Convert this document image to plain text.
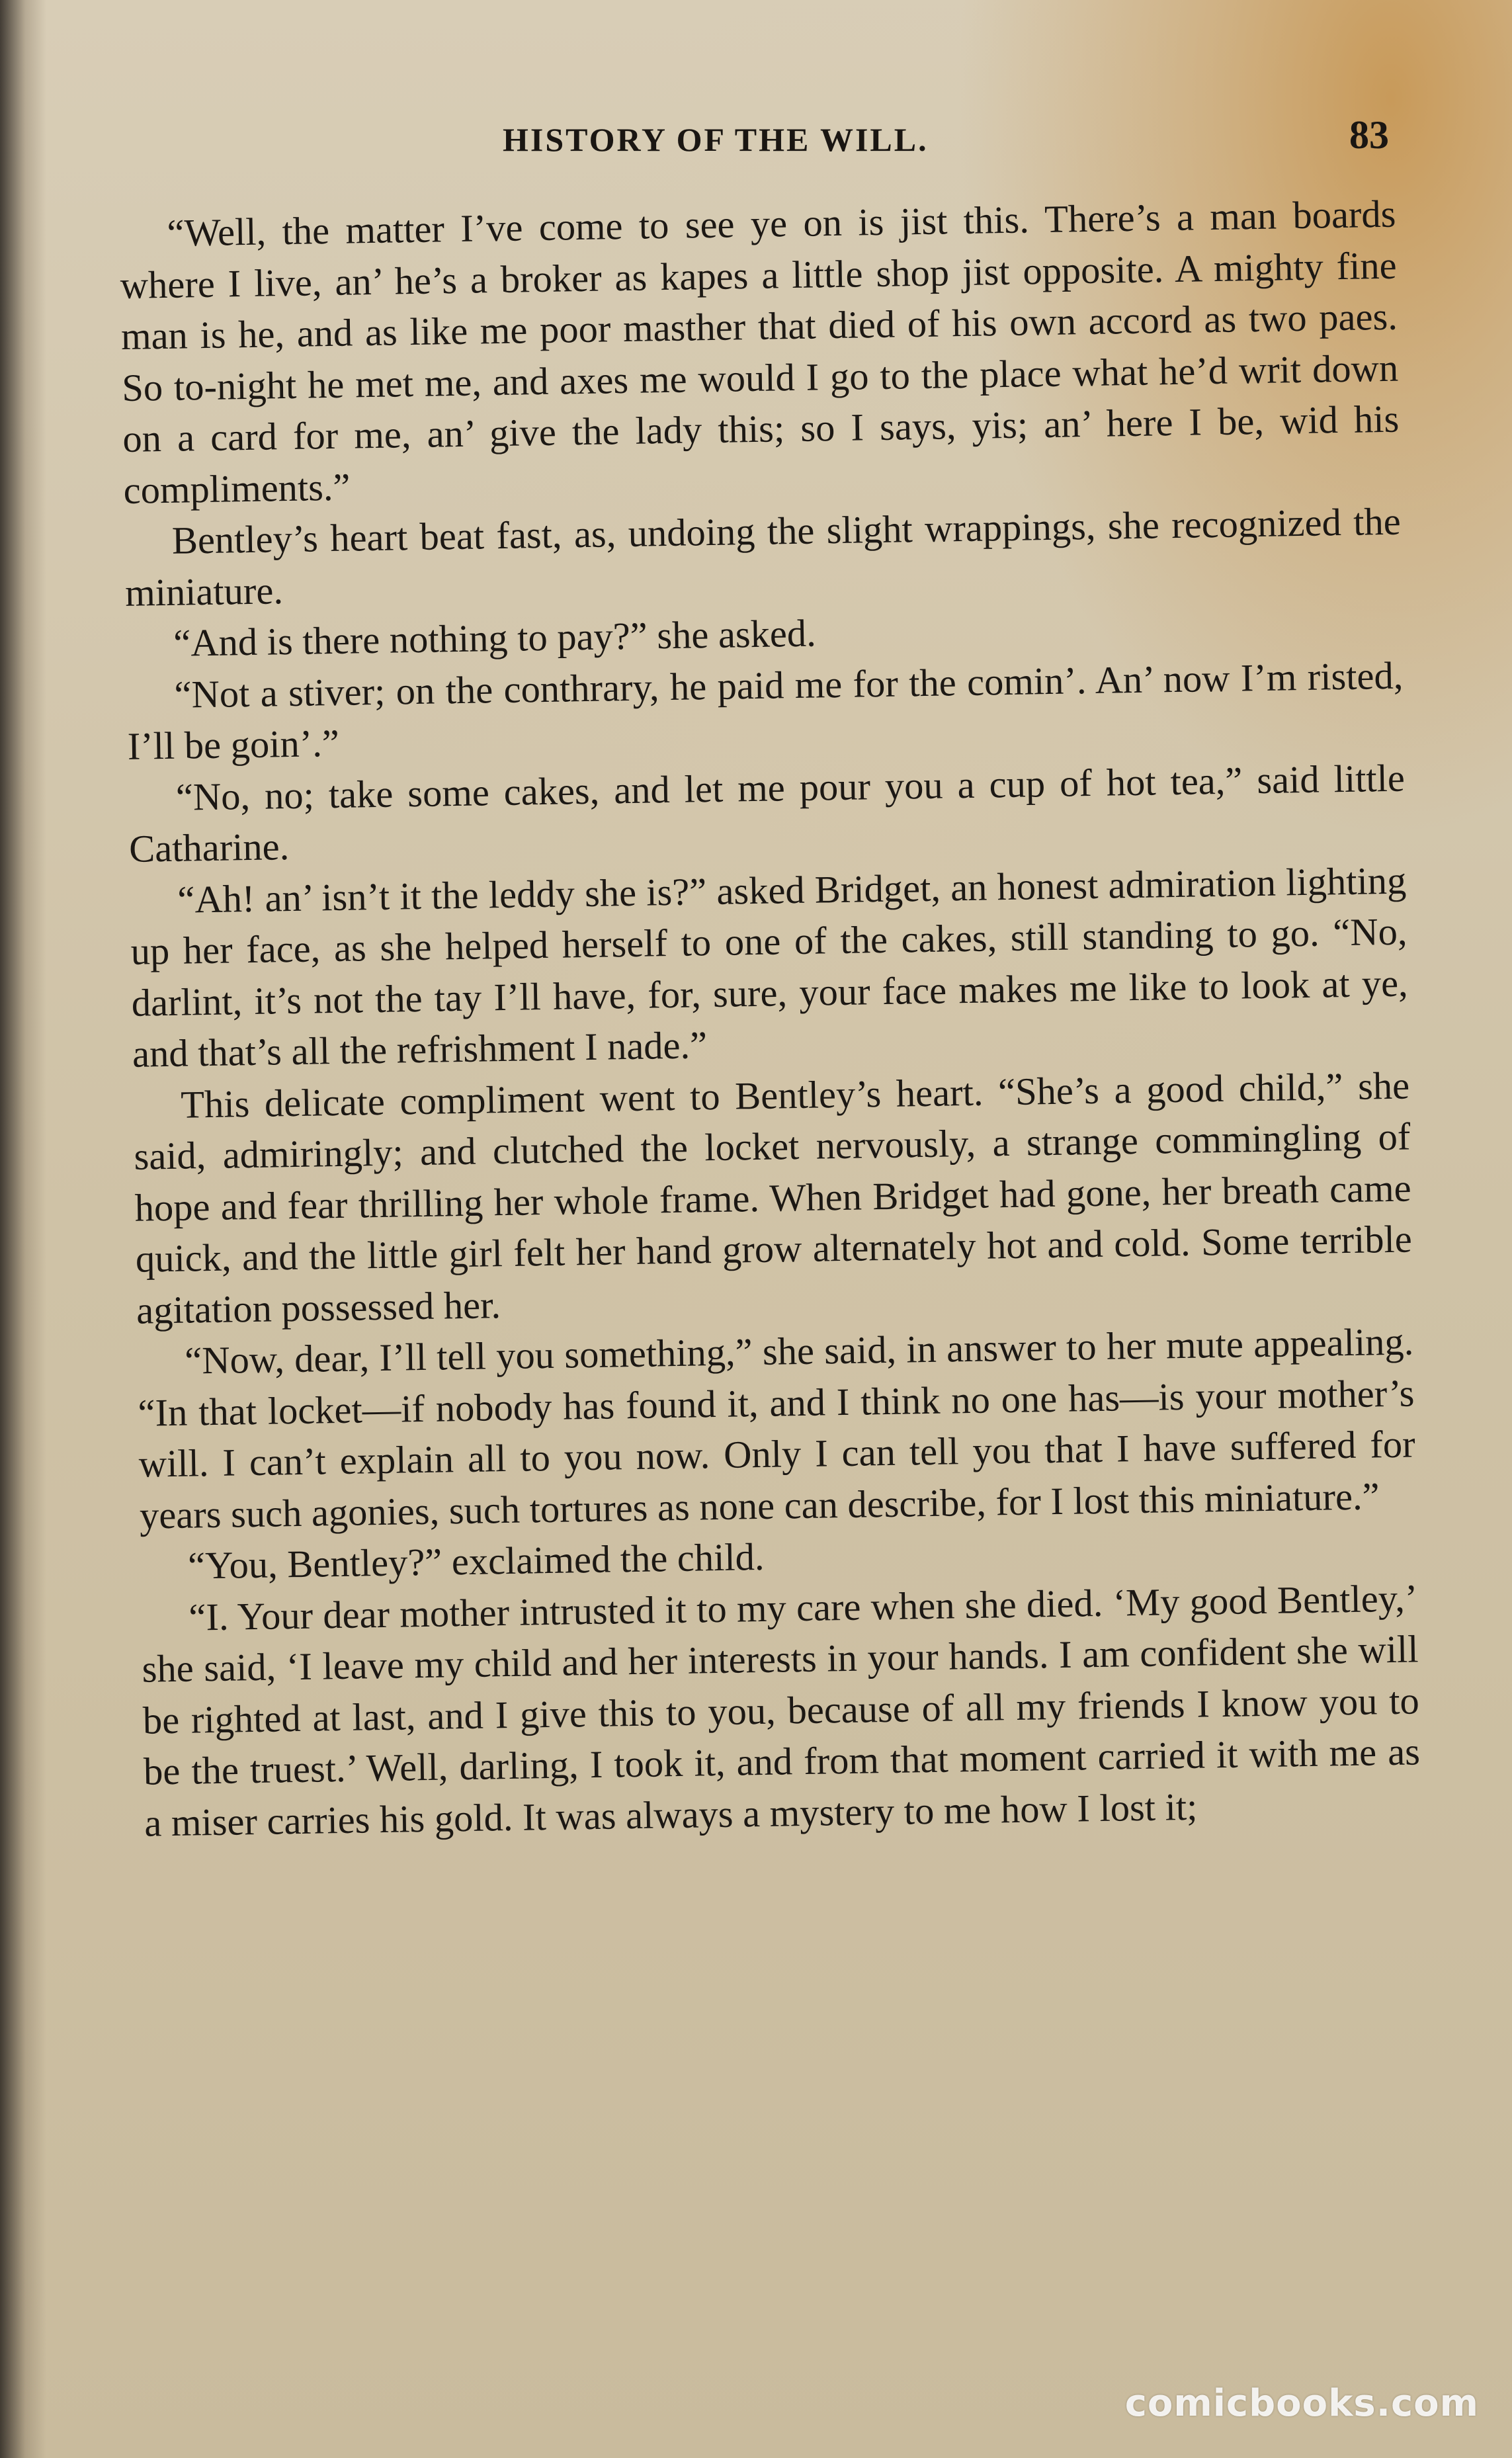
HISTORY OF THE WILL.	83

“Well, the matter I’ve come to see ye on is jist this. There’s a man boards where I live, an’ he’s a broker as kapes a little shop jist opposite. A mighty fine man is he, and as like me poor masther that died of his own accord as two paes. So to-night he met me, and axes me would I go to the place what he’d writ down on a card for me, an’ give the lady this; so I says, yis; an’ here I be, wid his compliments.”

Bentley’s heart beat fast, as, undoing the slight wrappings, she recognized the miniature.

“And is there nothing to pay?” she asked.

“Not a stiver; on the conthrary, he paid me for the comin’. An’ now I’m risted, I’ll be goin’.”

“No, no; take some cakes, and let me pour you a cup of hot tea,” said little Catharine.

“Ah! an’ isn’t it the leddy she is?” asked Bridget, an honest admiration lighting up her face, as she helped herself to one of the cakes, still standing to go. “No, darlint, it’s not the tay I’ll have, for, sure, your face makes me like to look at ye, and that’s all the refrishment I nade.”

This delicate compliment went to Bentley’s heart. “She’s a good child,” she said, admiringly; and clutched the locket nervously, a strange commingling of hope and fear thrilling her whole frame. When Bridget had gone, her breath came quick, and the little girl felt her hand grow alternately hot and cold. Some terrible agitation possessed her.

“Now, dear, I’ll tell you something,” she said, in answer to her mute appealing. “In that locket—if nobody has found it, and I think no one has—is your mother’s will. I can’t explain all to you now. Only I can tell you that I have suffered for years such agonies, such tortures as none can describe, for I lost this miniature.”

“You, Bentley?” exclaimed the child.

“I. Your dear mother intrusted it to my care when she died. ‘My good Bentley,’ she said, ‘I leave my child and her interests in your hands. I am confident she will be righted at last, and I give this to you, because of all my friends I know you to be the truest.’ Well, darling, I took it, and from that moment carried it with me as a miser carries his gold. It was always a mystery to me how I lost it;

comicbooks.com
